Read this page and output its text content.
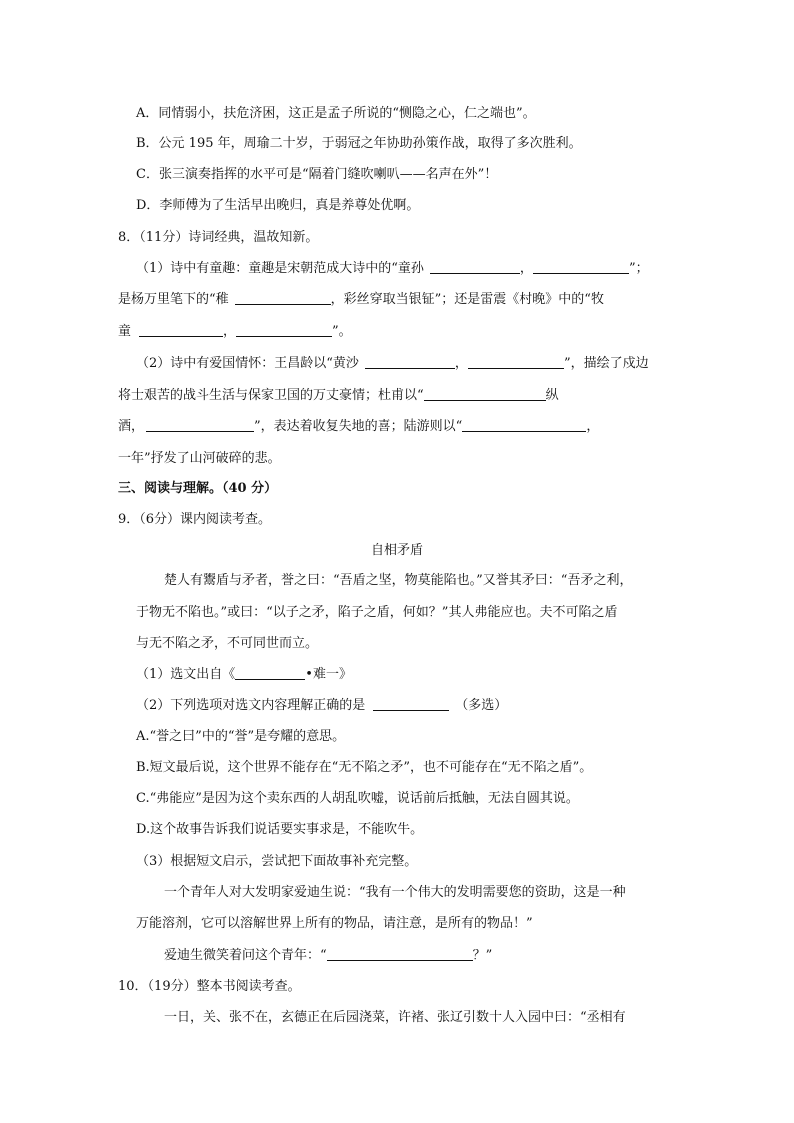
A．同情弱小，扶危济困，这正是孟子所说的“恻隐之心，仁之端也”。
B．公元 195 年，周瑜二十岁，于弱冠之年协助孙策作战，取得了多次胜利。
C．张三演奏指挥的水平可是“隔着门缝吹喇叭——名声在外”！
D．李师傅为了生活早出晚归，真是养尊处优啊。
8．（11分）诗词经典，温故知新。
（1）诗中有童趣：童趣是宋朝范成大诗中的“童孙	，	”；
是杨万里笔下的“稚	，彩丝穿取当银钲”；还是雷震《村晚》中的“牧
童	，	”。
（2）诗中有爱国情怀：王昌龄以“黄沙	，	”，描绘了戍边
将士艰苦的战斗生活与保家卫国的万丈豪情；杜甫以“	纵
酒，	”，表达着收复失地的喜；陆游则以“	，
一年”抒发了山河破碎的悲。
三、阅读与理解。（40 分）
9．（6分）课内阅读考查。
自相矛盾
楚人有鬻盾与矛者，誉之曰：“吾盾之坚，物莫能陷也。”又誉其矛曰：“吾矛之利，
于物无不陷也。”或曰：“以子之矛，陷子之盾，何如？”其人弗能应也。夫不可陷之盾
与无不陷之矛，不可同世而立。
（1）选文出自《	•难一》
（2）下列选项对选文内容理解正确的是	（多选）
A.“誉之曰”中的“誉”是夸耀的意思。
B.短文最后说，这个世界不能存在“无不陷之矛”，也不可能存在“无不陷之盾”。
C.“弗能应”是因为这个卖东西的人胡乱吹嘘，说话前后抵触，无法自圆其说。
D.这个故事告诉我们说话要实事求是，不能吹牛。
（3）根据短文启示，尝试把下面故事补充完整。
一个青年人对大发明家爱迪生说：“我有一个伟大的发明需要您的资助，这是一种
万能溶剂，它可以溶解世界上所有的物品，请注意，是所有的物品！”
爱迪生微笑着问这个青年：“	？”
10．（19分）整本书阅读考查。
一日，关、张不在，玄德正在后园浇菜，许褚、张辽引数十人入园中曰：“丞相有
